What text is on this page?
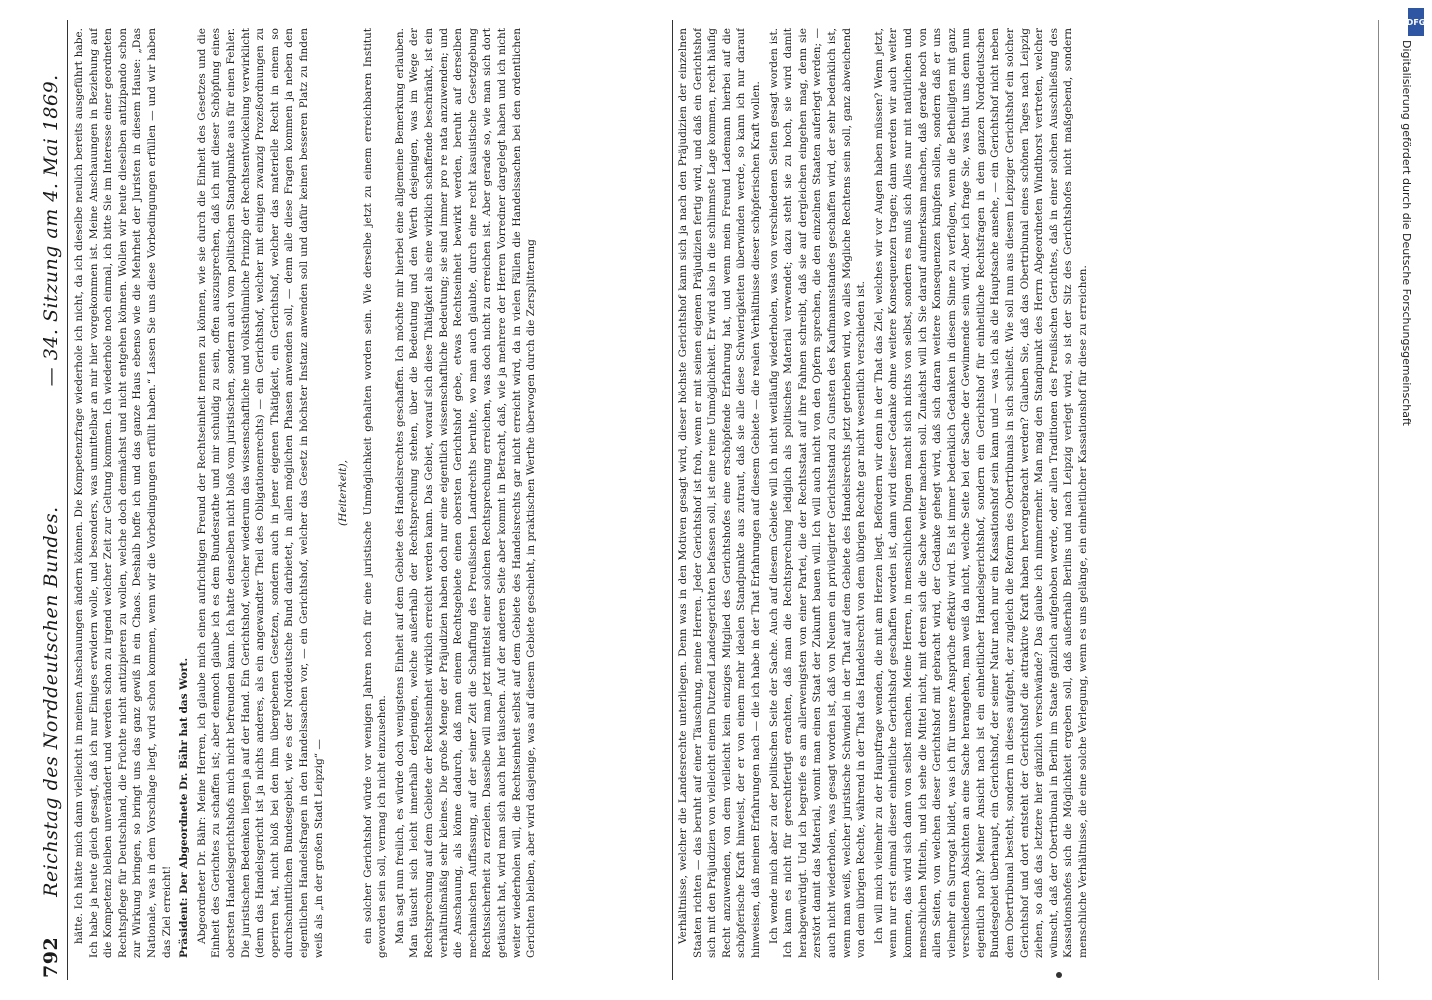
792
Reichstag des Norddeutschen Bundes.
— 34. Sitzung am 4. Mai 1869. hätte. Ich hätte mich dann vielleicht in meinen Anschauungen ändern können. Die Kompetenzfrage wiederhole ich nicht, da ich dieselbe neulich bereits ausgeführt habe. Ich habe ja heute gleich gesagt, daß ich nur Einiges erwidern wolle, und besonders, was unmittelbar an mir hier vorgekommen ist. Meine Anschauungen in Beziehung auf die Kompetenz bleiben unverändert und werden schon zu irgend welcher Zeit zur Geltung kommen. Ich wiederhole noch einmal, ich bitte Sie im Interesse einer geordneten Rechtspflege für Deutschland, die Früchte nicht antizipieren zu wollen, welche doch demnächst und nicht entgehen können. Wollen wir heute dieselben antizipando schon zur Wirkung bringen, so bringt uns das ganz gewiß in ein Chaos. Deshalb hoffe ich und das ganze Haus ebenso wie die Mehrheit der Juristen in diesem Hause: „Das Nationale, was in dem Vorschlage liegt, wird schon kommen, wenn wir die Vorbedingungen erfüllt haben.“ Lassen Sie uns diese Vorbedingungen erfüllen — und wir haben das Ziel erreicht! Präsident: Der Abgeordnete Dr. Bähr hat das Wort. Abgeordneter Dr. Bähr: Meine Herren, ich glaube mich einen aufrichtigen Freund der Rechtseinheit nennen zu können, wie sie durch die Einheit des Gesetzes und die Einheit des Gerichtes zu schaffen ist; aber dennoch glaube ich es dem Bundesrathe und mir schuldig zu sein, offen auszusprechen, daß ich mit dieser Schöpfung eines obersten Handelsgerichtshofs mich nicht befreunden kann. Ich hatte denselben nicht bloß vom juristischen, sondern auch vom politischen Standpunkte aus für einen Fehler. Die juristischen Bedenken liegen ja auf der Hand. Ein Gerichtshof, welcher wiederum das wissenschaftliche und volksthümliche Prinzip der Rechtsentwickelung verwirklicht (denn das Handelsgericht ist ja nichts anderes, als ein angewandter Theil des Obligationenrechts) — ein Gerichtshof, welcher mit einigen zwanzig Prozeßordnungen zu operiren hat, nicht bloß bei den ihm übergebenen Gesetzen, sondern auch in jener eigenen Thätigkeit, ein Gerichtshof, welcher das materielle Recht in einem so durchschnittlichen Bundesgebiet, wie es der Norddeutsche Bund darbietet, in allen möglichen Phasen anwenden soll, — denn alle diese Fragen kommen ja neben den eigentlichen Handelsfragen in den Handelssachen vor, — ein Gerichtshof, welcher das Gesetz in höchster Instanz anwenden soll und dafür keinen besseren Platz zu finden weiß als „in der großen Stadt Leipzig“ —

(Heiterkeit), ein solcher Gerichtshof würde vor wenigen Jahren noch für eine juristische Unmöglichkeit gehalten worden sein. Wie derselbe jetzt zu einem erreichbaren Institut geworden sein soll, vermag ich nicht einzusehen. Man sagt nun freilich, es würde doch wenigstens Einheit auf dem Gebiete des Handelsrechtes geschaffen. Ich möchte mir hierbei eine allgemeine Bemerkung erlauben. Man täuscht sich leicht innerhalb derjenigen, welche außerhalb der Rechtsprechung stehen, über die Bedeutung und den Werth desjenigen, was im Wege der Rechtsprechung auf dem Gebiete der Rechtseinheit wirklich erreicht werden kann. Das Gebiet, worauf sich diese Thätigkeit als eine wirklich schaffende beschränkt, ist ein verhältnißmäßig sehr kleines. Die große Menge der Präjudizien haben doch nur eine eigentlich wissenschaftliche Bedeutung; sie sind immer pro re nata anzuwenden; und die Anschauung, als könne dadurch, daß man einem Rechtsgebiete einen obersten Gerichtshof gebe, etwas Rechtseinheit bewirkt werden, beruht auf derselben mechanischen Auffassung, auf der seiner Zeit die Schaffung des Preußischen Landrechts beruhte, wo man auch glaubte, durch eine recht kasuistische Gesetzgebung Rechtssicherheit zu erzielen. Dasselbe will man jetzt mittelst einer solchen Rechtsprechung erreichen, was doch nicht zu erreichen ist. Aber gerade so, wie man sich dort getäuscht hat, wird man sich auch hier täuschen. Auf der anderen Seite aber kommt in Betracht, daß, wie ja mehrere der Herren Vorredner dargelegt haben und ich nicht weiter wiederholen will, die Rechtseinheit selbst auf dem Gebiete des Handelsrechts gar nicht erreicht wird, da in vielen Fällen die Handelssachen bei den ordentlichen Gerichten bleiben, aber wird dasjenige, was auf diesem Gebiete geschieht, in praktischen Werthe überwogen durch die Zersplitterung	Verhältnisse, welcher die Landesrechte unterliegen. Denn was in den Motiven gesagt wird, dieser höchste Gerichtshof kann sich ja nach den Präjudizien der einzelnen Staaten richten — das beruht auf einer Täuschung, meine Herren. Jeder Gerichtshof ist froh, wenn er mit seinen eigenen Präjudizien fertig wird, und daß ein Gerichtshof sich mit den Präjudizien von vielleicht einem Dutzend Landesgerichten befassen soll, ist eine reine Unmöglichkeit. Er wird also in die schlimmste Lage kommen, recht häufig Recht anzuwenden, von dem vielleicht kein einziges Mitglied des Gerichtshofes eine erschöpfende Erfahrung hat, und wenn mein Freund Lademann hierbei auf die schöpferische Kraft hinweist, der er von einem mehr idealen Standpunkte aus zutraut, daß sie alle diese Schwierigkeiten überwinden werde, so kann ich nur darauf hinweisen, daß meinen Erfahrungen nach — die ich habe in der That Erfahrungen auf diesem Gebiete — die realen Verhältnisse dieser schöpferischen Kraft wollen. Ich wende mich aber zu der politischen Seite der Sache. Auch auf diesem Gebiete will ich nicht weitläufig wiederholen, was von verschiedenen Seiten gesagt worden ist. Ich kann es nicht für gerechtfertigt erachten, daß man die Rechtsprechung lediglich als politisches Material verwendet; dazu steht sie zu hoch, sie wird damit herabgewürdigt. Und ich begreife es am allerwenigsten von einer Partei, die der Rechtsstaat auf ihre Fahnen schreibt, daß sie auf dergleichen eingehen mag, denn sie zerstört damit das Material, womit man einen Staat der Zukunft bauen will. Ich will auch nicht von den Opfern sprechen, die den einzelnen Staaten auferlegt werden; — auch nicht wiederholen, was gesagt worden ist, daß von Neuem ein privilegirter Gerichtsstand zu Gunsten des Kaufmannsstandes geschaffen wird, der sehr bedenklich ist, wenn man weiß, welcher juristische Schwindel in der That auf dem Gebiete des Handelsrechts jetzt getrieben wird, wo alles Mögliche Rechtens sein soll, ganz abweichend von dem übrigen Rechte, während in der That das Handelsrecht von dem übrigen Rechte gar nicht wesentlich verschieden ist. Ich will mich vielmehr zu der Hauptfrage wenden, die mit am Herzen liegt. Befördern wir denn in der That das Ziel, welches wir vor Augen haben müssen? Wenn jetzt, wenn nur erst einmal dieser einheitliche Gerichtshof geschaffen worden ist, dann wird dieser Gedanke ohne weitere Konsequenzen tragen; dann werden wir auch weiter kommen, das wird sich dann von selbst machen. Meine Herren, in menschlichen Dingen macht sich nichts von selbst, sondern es muß sich Alles nur mit natürlichen und menschlichen Mitteln, und ich sehe die Mittel nicht, mit deren sich die Sache weiter machen soll. Zunächst will ich Sie darauf aufmerksam machen, daß gerade noch von allen Seiten, von welchen dieser Gerichtshof mit gebracht wird, der Gedanke gehegt wird, daß sich daran weitere Konsequenzen knüpfen sollen, sondern daß er uns vielmehr ein Surrogat bildet, was ich für unsere Ansprüche effektiv wird. Es ist immer bedenklich Gedanken in diesem Sinne zu verfolgen, wenn die Betheiligten mit ganz verschiedenen Absichten an eine Sache herangehen, man weiß da nicht, welche Seite bei der Sache der Gewinnende sein wird. Aber ich frage Sie, was thut uns denn nun eigentlich noth? Meiner Ansicht nach ist ein einheitlicher Handelsgerichtshof, sondern ein Gerichtshof für einheitliche Rechtsfragen in dem ganzen Norddeutschen Bundesgebiet überhaupt, ein Gerichtshof, der seiner Natur nach nur ein Kassationshof sein kann und — was ich als die Hauptsache ansehe, — ein Gerichtshof nicht neben dem Obertribunal besteht, sondern in dieses aufgeht, der zugleich die Reform des Obertribunals in sich schließt. Wie soll nun aus diesem Leipziger Gerichtshof ein solcher Gerichtshof und dort entsteht der Gerichtshof die attraktive Kraft haben hervorgebracht werden? Glauben Sie, daß das Obertribunal eines schönen Tages nach Leipzig ziehen, so daß das letztere hier gänzlich verschwände? Das glaube ich nimmermehr. Man mag den Standpunkt des Herrn Abgeordneten Windthorst vertreten, welcher wünscht, daß der Obertribunal in Berlin im Staate gänzlich aufgehoben werde, oder allen Traditionen des Preußischen Gerichtes, daß in einer solchen Ausschließung des Kassationshofes sich die Möglichkeit ergeben soll, daß außerhalb Berlins und nach Leipzig verlegt wird, so ist der Sitz des Gerichtshofes nicht maßgebend, sondern menschliche Verhältnisse, die eine solche Verlegung, wenn es uns gelänge, ein einheitlicher Kassationshof für diese zu erreichen.

DFG
Digitalisierung gefördert durch die Deutsche Forschungsgemeinschaft
